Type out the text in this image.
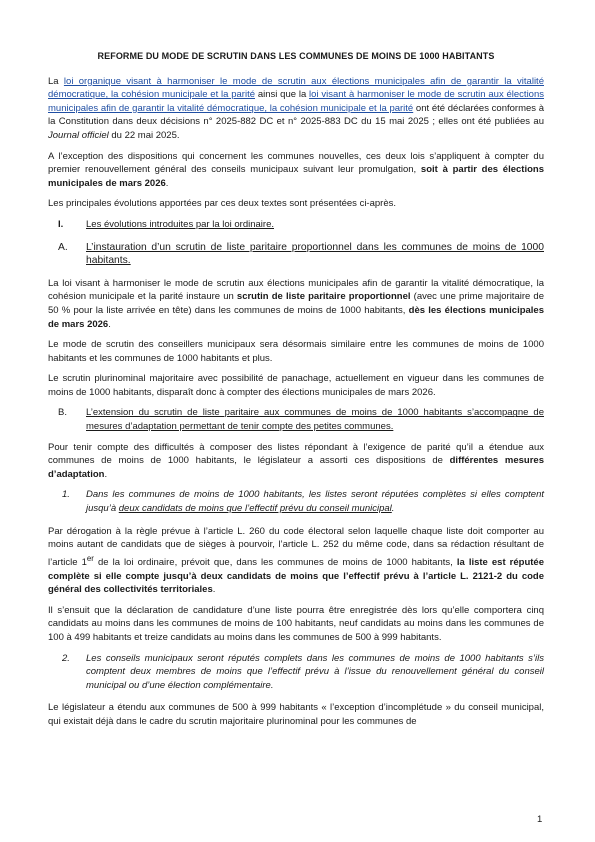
REFORME DU MODE DE SCRUTIN DANS LES COMMUNES DE MOINS DE 1000 HABITANTS

La loi organique visant à harmoniser le mode de scrutin aux élections municipales afin de garantir la vitalité démocratique, la cohésion municipale et la parité ainsi que la loi visant à harmoniser le mode de scrutin aux élections municipales afin de garantir la vitalité démocratique, la cohésion municipale et la parité ont été déclarées conformes à la Constitution dans deux décisions n° 2025-882 DC et n° 2025-883 DC du 15 mai 2025 ; elles ont été publiées au Journal officiel du 22 mai 2025.

A l’exception des dispositions qui concernent les communes nouvelles, ces deux lois s’appliquent à compter du premier renouvellement général des conseils municipaux suivant leur promulgation, soit à partir des élections municipales de mars 2026.

Les principales évolutions apportées par ces deux textes sont présentées ci-après.

I.	Les évolutions introduites par la loi ordinaire.
A.	L’instauration d’un scrutin de liste paritaire proportionnel dans les communes de moins de 1000 habitants.

La loi visant à harmoniser le mode de scrutin aux élections municipales afin de garantir la vitalité démocratique, la cohésion municipale et la parité instaure un scrutin de liste paritaire proportionnel (avec une prime majoritaire de 50 % pour la liste arrivée en tête) dans les communes de moins de 1000 habitants, dès les élections municipales de mars 2026.

Le mode de scrutin des conseillers municipaux sera désormais similaire entre les communes de moins de 1000 habitants et les communes de 1000 habitants et plus.

Le scrutin plurinominal majoritaire avec possibilité de panachage, actuellement en vigueur dans les communes de moins de 1000 habitants, disparaît donc à compter des élections municipales de mars 2026.

B.	L’extension du scrutin de liste paritaire aux communes de moins de 1000 habitants s’accompagne de mesures d’adaptation permettant de tenir compte des petites communes.

Pour tenir compte des difficultés à composer des listes répondant à l’exigence de parité qu’il a étendue aux communes de moins de 1000 habitants, le législateur a assorti ces dispositions de différentes mesures d’adaptation.

1.	Dans les communes de moins de 1000 habitants, les listes seront réputées complètes si elles comptent jusqu’à deux candidats de moins que l’effectif prévu du conseil municipal.

Par dérogation à la règle prévue à l’article L. 260 du code électoral selon laquelle chaque liste doit comporter au moins autant de candidats que de sièges à pourvoir, l’article L. 252 du même code, dans sa rédaction résultant de l’article 1er de la loi ordinaire, prévoit que, dans les communes de moins de 1000 habitants, la liste est réputée complète si elle compte jusqu’à deux candidats de moins que l’effectif prévu à l’article L. 2121-2 du code général des collectivités territoriales.

Il s’ensuit que la déclaration de candidature d’une liste pourra être enregistrée dès lors qu’elle comportera cinq candidats au moins dans les communes de moins de 100 habitants, neuf candidats au moins dans les communes de 100 à 499 habitants et treize candidats au moins dans les communes de 500 à 999 habitants.

2.	Les conseils municipaux seront réputés complets dans les communes de moins de 1000 habitants s’ils comptent deux membres de moins que l’effectif prévu à l’issue du renouvellement général du conseil municipal ou d’une élection complémentaire.

Le législateur a étendu aux communes de 500 à 999 habitants « l’exception d’incomplétude » du conseil municipal, qui existait déjà dans le cadre du scrutin majoritaire plurinominal pour les communes de

1
